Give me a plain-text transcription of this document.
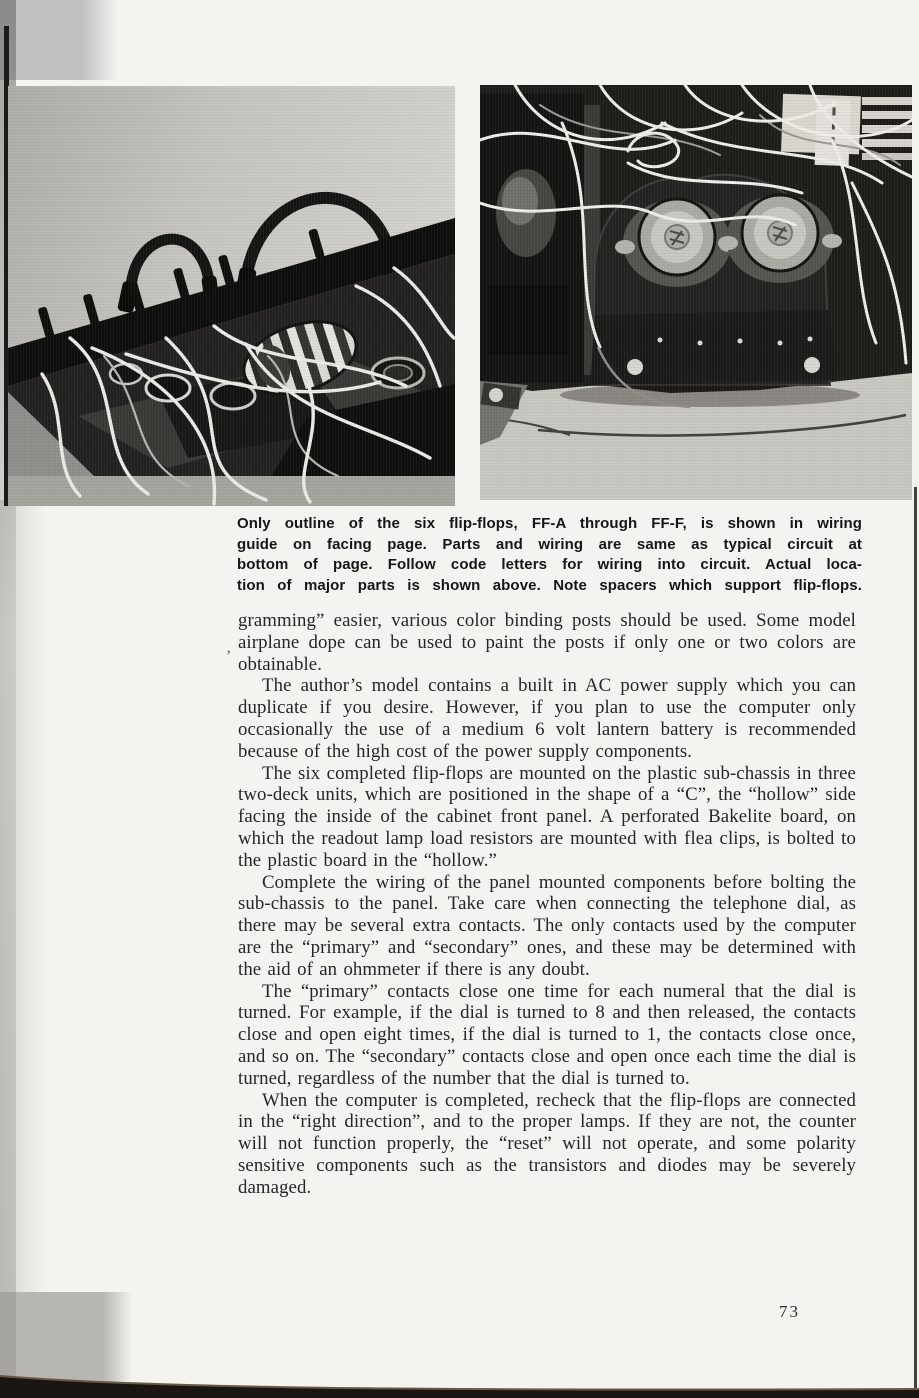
Only outline of the six flip-flops, FF-A through FF-F, is shown in wiring
guide on facing page. Parts and wiring are same as typical circuit at
bottom of page. Follow code letters for wiring into circuit. Actual loca-
tion of major parts is shown above. Note spacers which support flip-flops.
’

gramming” easier, various color binding posts should be used. Some model airplane dope can be used to paint the posts if only one or two colors are obtainable.

The author’s model contains a built in AC power supply which you can duplicate if you desire. However, if you plan to use the computer only occasionally the use of a medium 6 volt lantern battery is recommended because of the high cost of the power supply components.

The six completed flip-flops are mounted on the plastic sub-chassis in three two-deck units, which are positioned in the shape of a “C”, the “hollow” side facing the inside of the cabinet front panel. A perforated Bakelite board, on which the readout lamp load resistors are mounted with flea clips, is bolted to the plastic board in the “hollow.”

Complete the wiring of the panel mounted components before bolting the sub-chassis to the panel. Take care when connecting the telephone dial, as there may be several extra contacts. The only contacts used by the computer are the “primary” and “secondary” ones, and these may be determined with the aid of an ohmmeter if there is any doubt.

The “primary” contacts close one time for each numeral that the dial is turned. For example, if the dial is turned to 8 and then released, the contacts close and open eight times, if the dial is turned to 1, the contacts close once, and so on. The “secondary” contacts close and open once each time the dial is turned, regardless of the number that the dial is turned to.

When the computer is completed, recheck that the flip-flops are connected in the “right direction”, and to the proper lamps. If they are not, the counter will not function properly, the “reset” will not operate, and some polarity sensitive components such as the transistors and diodes may be severely damaged.

73
